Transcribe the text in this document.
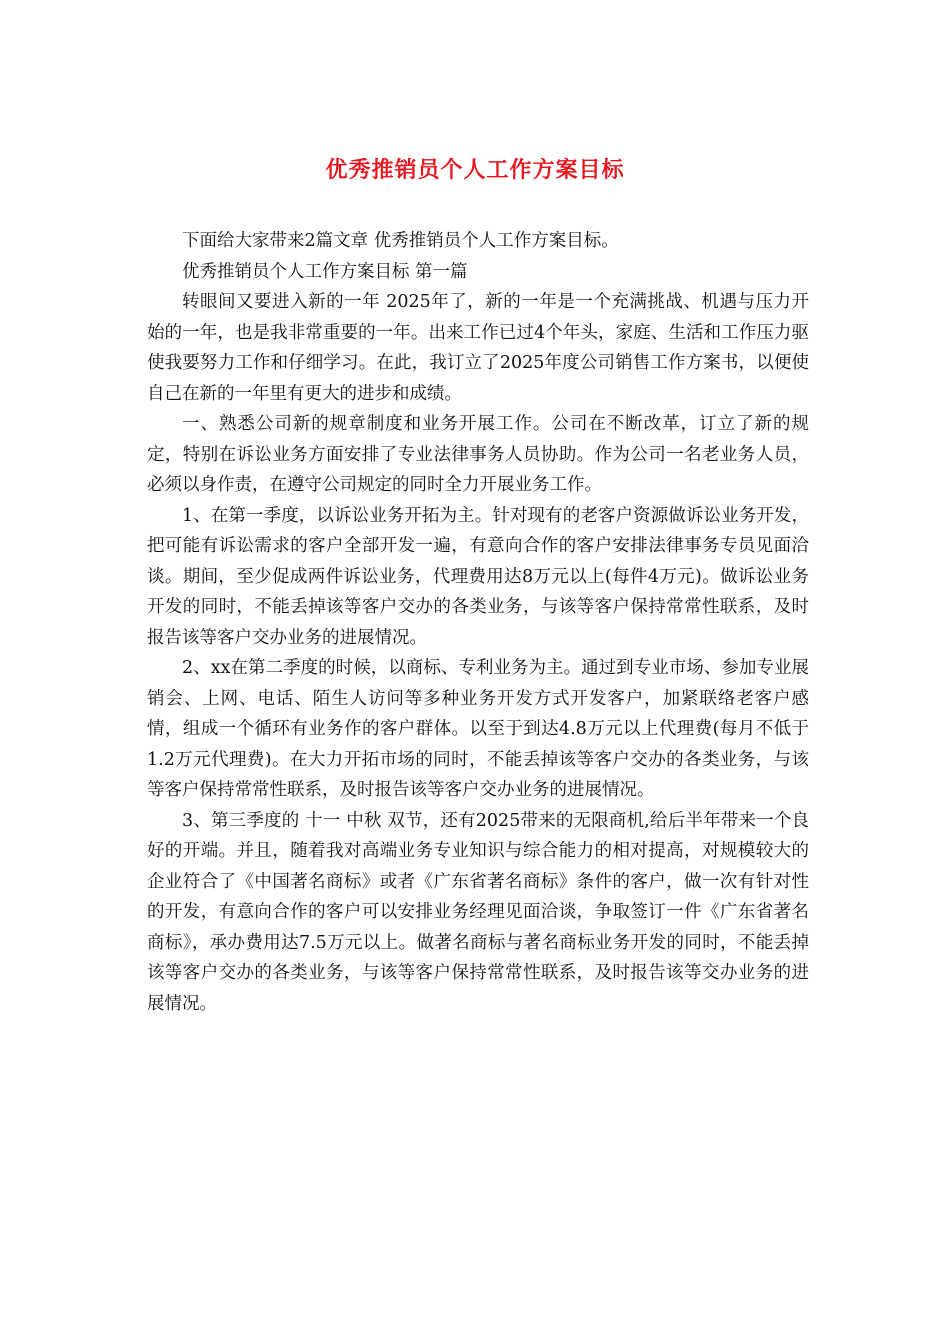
优秀推销员个人工作方案目标

下面给大家带来2篇文章 优秀推销员个人工作方案目标。

优秀推销员个人工作方案目标 第一篇

转眼间又要进入新的一年 2025年了，新的一年是一个充满挑战、机遇与压力开始的一年，也是我非常重要的一年。出来工作已过4个年头，家庭、生活和工作压力驱使我要努力工作和仔细学习。在此，我订立了2025年度公司销售工作方案书，以便使自己在新的一年里有更大的进步和成绩。

一、熟悉公司新的规章制度和业务开展工作。公司在不断改革，订立了新的规定，特别在诉讼业务方面安排了专业法律事务人员协助。作为公司一名老业务人员，必须以身作责，在遵守公司规定的同时全力开展业务工作。

1、在第一季度，以诉讼业务开拓为主。针对现有的老客户资源做诉讼业务开发，把可能有诉讼需求的客户全部开发一遍，有意向合作的客户安排法律事务专员见面洽谈。期间，至少促成两件诉讼业务，代理费用达8万元以上(每件4万元)。做诉讼业务开发的同时，不能丢掉该等客户交办的各类业务，与该等客户保持常常性联系，及时报告该等客户交办业务的进展情况。

2、xx在第二季度的时候，以商标、专利业务为主。通过到专业市场、参加专业展销会、上网、电话、陌生人访问等多种业务开发方式开发客户，加紧联络老客户感情，组成一个循环有业务作的客户群体。以至于到达4.8万元以上代理费(每月不低于1.2万元代理费)。在大力开拓市场的同时，不能丢掉该等客户交办的各类业务，与该等客户保持常常性联系，及时报告该等客户交办业务的进展情况。

3、第三季度的 十一 中秋 双节，还有2025带来的无限商机,给后半年带来一个良好的开端。并且，随着我对高端业务专业知识与综合能力的相对提高，对规模较大的企业符合了《中国著名商标》或者《广东省著名商标》条件的客户，做一次有针对性的开发，有意向合作的客户可以安排业务经理见面洽谈，争取签订一件《广东省著名商标》，承办费用达7.5万元以上。做著名商标与著名商标业务开发的同时，不能丢掉该等客户交办的各类业务，与该等客户保持常常性联系，及时报告该等交办业务的进展情况。
